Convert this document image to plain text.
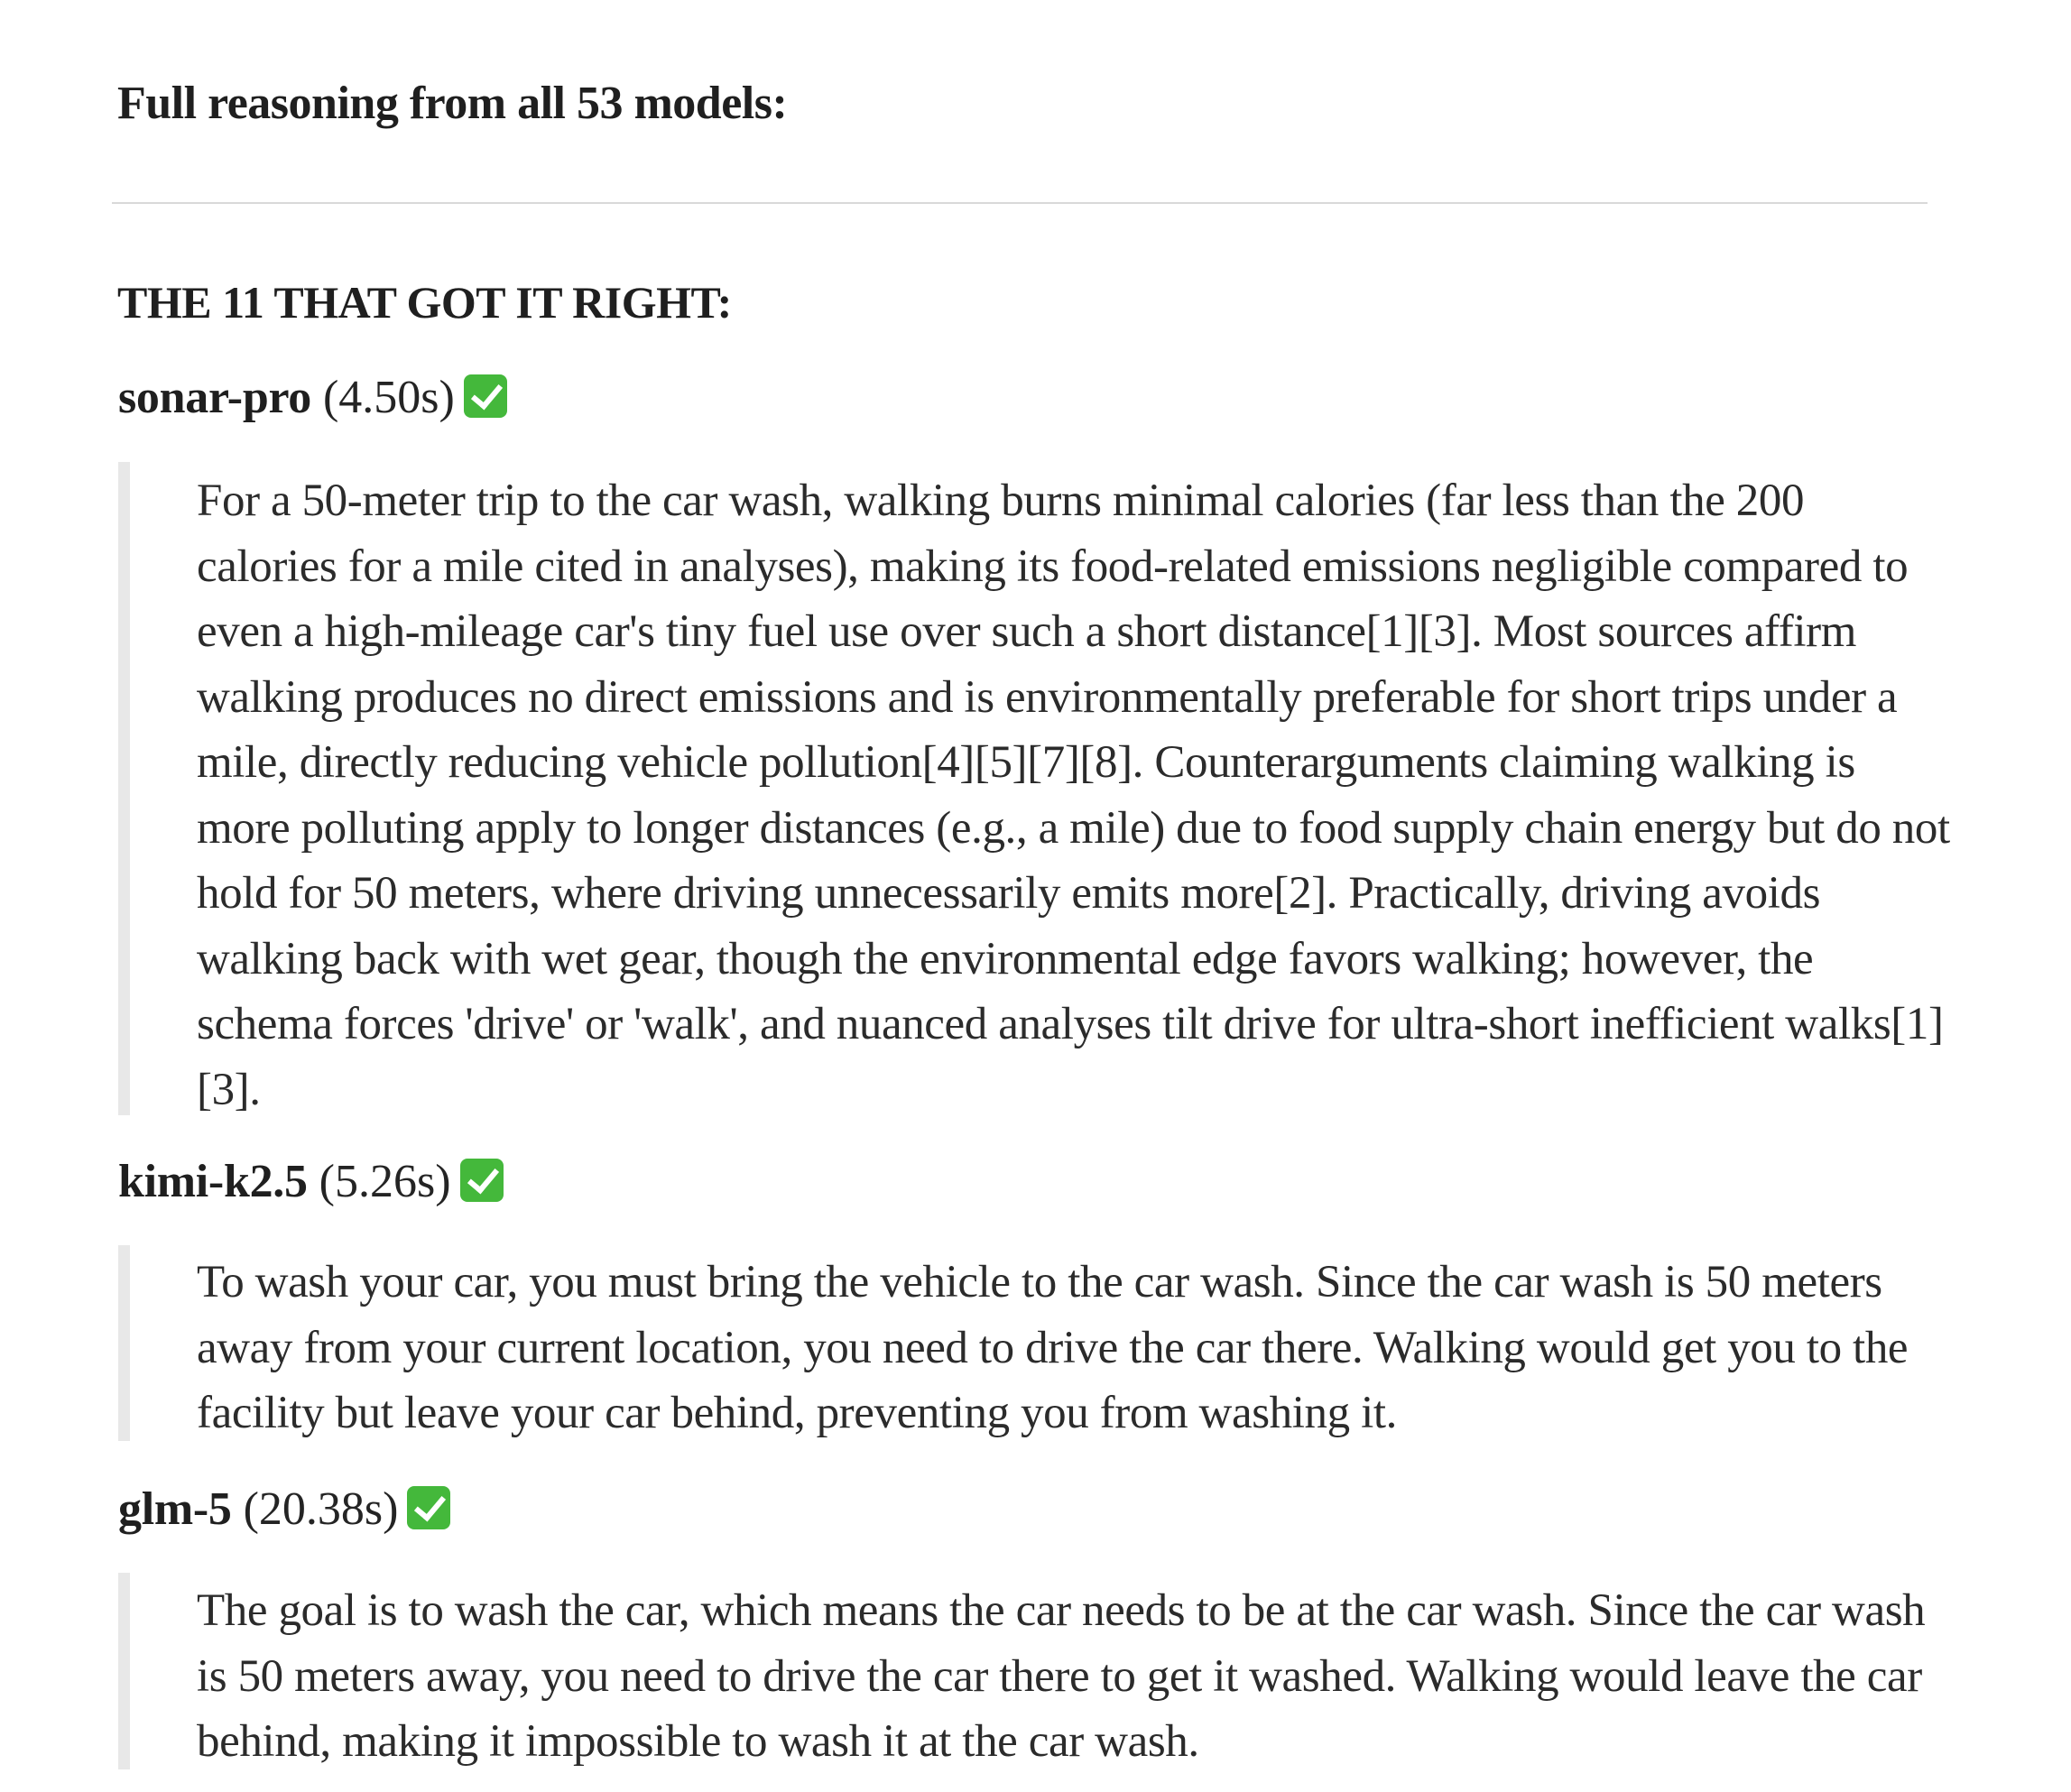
Full reasoning from all 53 models:
THE 11 THAT GOT IT RIGHT:
sonar-pro (4.50s)

For a 50-meter trip to the car wash, walking burns minimal calories (far less than the 200 calories for a mile cited in analyses), making its food-related emissions negligible compared to even a high-mileage car's tiny fuel use over such a short distance[1][3]. Most sources affirm walking produces no direct emissions and is environmentally preferable for short trips under a mile, directly reducing vehicle pollution[4][5][7][8]. Counterarguments claiming walking is more polluting apply to longer distances (e.g., a mile) due to food supply chain energy but do not hold for 50 meters, where driving unnecessarily emits more[2]. Practically, driving avoids walking back with wet gear, though the environmental edge favors walking; however, the schema forces 'drive' or 'walk', and nuanced analyses tilt drive for ultra-short inefficient walks[1][3].

kimi-k2.5 (5.26s)

To wash your car, you must bring the vehicle to the car wash. Since the car wash is 50 meters away from your current location, you need to drive the car there. Walking would get you to the facility but leave your car behind, preventing you from washing it.

glm-5 (20.38s)

The goal is to wash the car, which means the car needs to be at the car wash. Since the car wash is 50 meters away, you need to drive the car there to get it washed. Walking would leave the car behind, making it impossible to wash it at the car wash.
